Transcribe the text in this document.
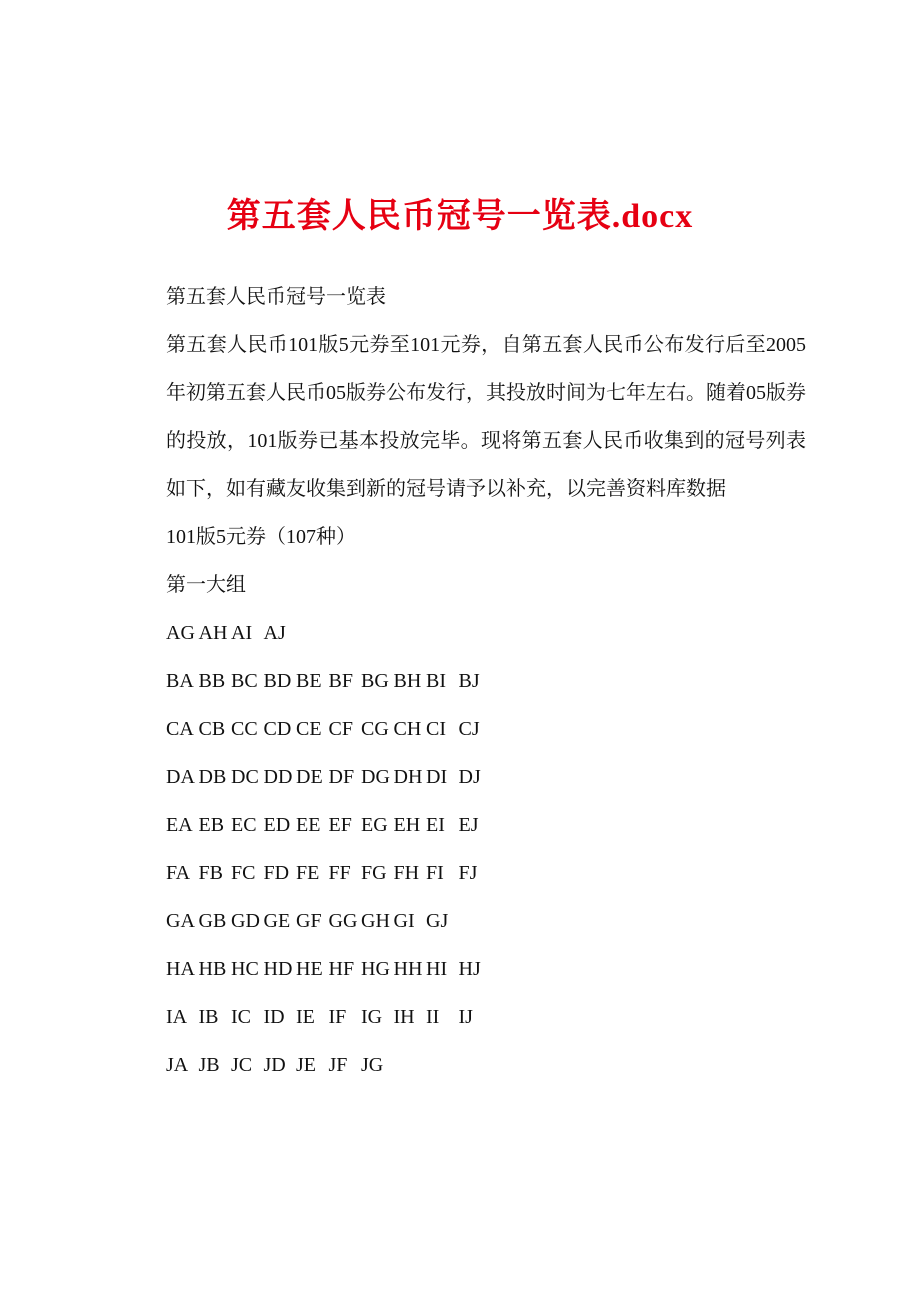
第五套人民币冠号一览表.docx

第五套人民币冠号一览表

第五套人民币101版5元券至101元券，自第五套人民币公布发行后至2005年初第五套人民币05版券公布发行，其投放时间为七年左右。随着05版券的投放，101版券已基本投放完毕。现将第五套人民币收集到的冠号列表如下，如有藏友收集到新的冠号请予以补充，以完善资料库数据

101版5元券（107种）

第一大组

AG AH AI AJ

BA BB BC BD BE BF BG BH BI BJ

CA CB CC CD CE CF CG CH CI CJ

DA DB DC DD DE DF DG DH DI DJ

EA EB EC ED EE EF EG EH EI EJ

FA FB FC FD FE FF FG FH FI FJ

GA GB GD GE GF GG GH GI GJ

HA HB HC HD HE HF HG HH HI HJ

IA IB IC ID IE IF IG IH II IJ

JA JB JC JD JE JF JG
